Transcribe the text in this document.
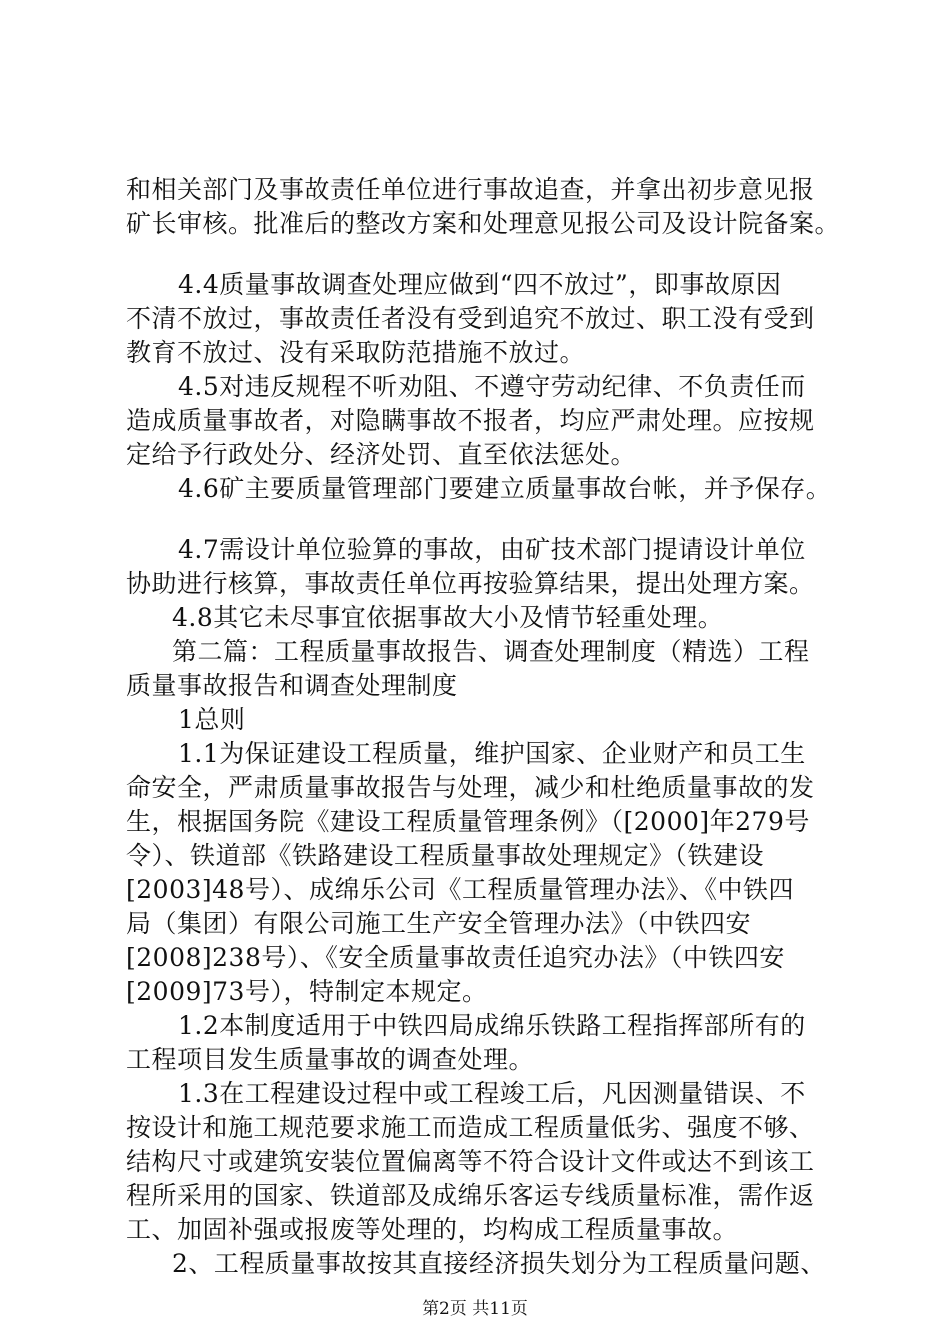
和相关部门及事故责任单位进行事故追查，并拿出初步意见报
矿长审核。批准后的整改方案和处理意见报公司及设计院备案。
4.4质量事故调查处理应做到“四不放过”，即事故原因
不清不放过，事故责任者没有受到追究不放过、职工没有受到
教育不放过、没有采取防范措施不放过。
4.5对违反规程不听劝阻、不遵守劳动纪律、不负责任而
造成质量事故者，对隐瞒事故不报者，均应严肃处理。应按规
定给予行政处分、经济处罚、直至依法惩处。
4.6矿主要质量管理部门要建立质量事故台帐，并予保存。
4.7需设计单位验算的事故，由矿技术部门提请设计单位
协助进行核算，事故责任单位再按验算结果，提出处理方案。
4.8其它未尽事宜依据事故大小及情节轻重处理。
第二篇：工程质量事故报告、调查处理制度（精选）工程
质量事故报告和调查处理制度
1总则
1.1为保证建设工程质量，维护国家、企业财产和员工生
命安全，严肃质量事故报告与处理，减少和杜绝质量事故的发
生，根据国务院《建设工程质量管理条例》（[2000]年279号
令）、铁道部《铁路建设工程质量事故处理规定》（铁建设
[2003]48号）、成绵乐公司《工程质量管理办法》、《中铁四
局（集团）有限公司施工生产安全管理办法》（中铁四安
[2008]238号）、《安全质量事故责任追究办法》（中铁四安
[2009]73号），特制定本规定。
1.2本制度适用于中铁四局成绵乐铁路工程指挥部所有的
工程项目发生质量事故的调查处理。
1.3在工程建设过程中或工程竣工后，凡因测量错误、不
按设计和施工规范要求施工而造成工程质量低劣、强度不够、
结构尺寸或建筑安装位置偏离等不符合设计文件或达不到该工
程所采用的国家、铁道部及成绵乐客运专线质量标准，需作返
工、加固补强或报废等处理的，均构成工程质量事故。
2、工程质量事故按其直接经济损失划分为工程质量问题、
第2页 共11页
